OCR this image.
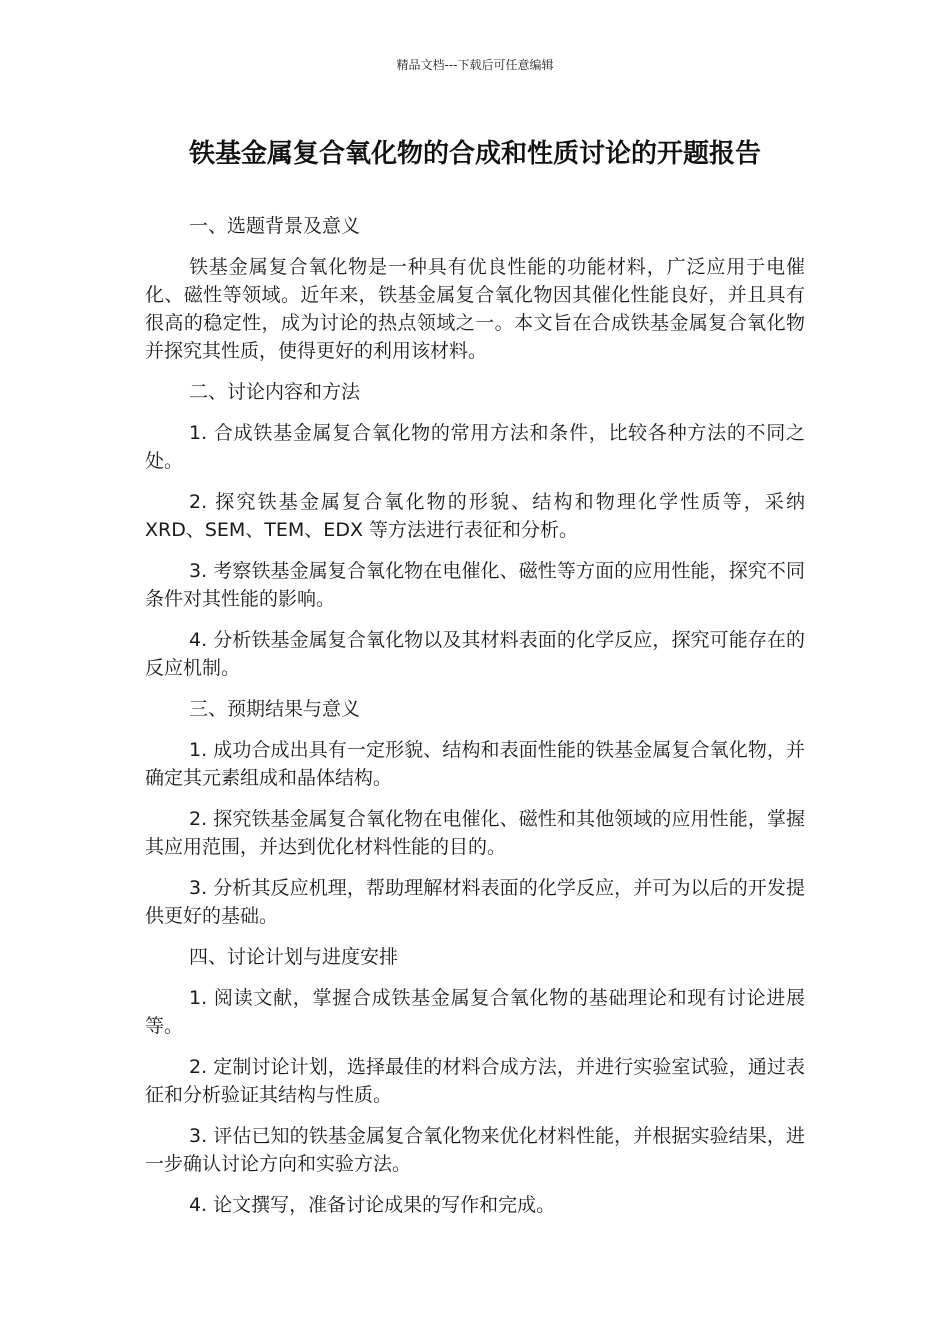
精品文档---下载后可任意编辑
铁基金属复合氧化物的合成和性质讨论的开题报告

一、选题背景及意义

铁基金属复合氧化物是一种具有优良性能的功能材料，广泛应用于电催化、磁性等领域。近年来，铁基金属复合氧化物因其催化性能良好，并且具有很高的稳定性，成为讨论的热点领域之一。本文旨在合成铁基金属复合氧化物并探究其性质，使得更好的利用该材料。

二、讨论内容和方法

1. 合成铁基金属复合氧化物的常用方法和条件，比较各种方法的不同之处。

2. 探究铁基金属复合氧化物的形貌、结构和物理化学性质等，采纳 XRD、SEM、TEM、EDX 等方法进行表征和分析。

3. 考察铁基金属复合氧化物在电催化、磁性等方面的应用性能，探究不同条件对其性能的影响。

4. 分析铁基金属复合氧化物以及其材料表面的化学反应，探究可能存在的反应机制。

三、预期结果与意义

1. 成功合成出具有一定形貌、结构和表面性能的铁基金属复合氧化物，并确定其元素组成和晶体结构。

2. 探究铁基金属复合氧化物在电催化、磁性和其他领域的应用性能，掌握其应用范围，并达到优化材料性能的目的。

3. 分析其反应机理，帮助理解材料表面的化学反应，并可为以后的开发提供更好的基础。

四、讨论计划与进度安排

1. 阅读文献，掌握合成铁基金属复合氧化物的基础理论和现有讨论进展等。

2. 定制讨论计划，选择最佳的材料合成方法，并进行实验室试验，通过表征和分析验证其结构与性质。

3. 评估已知的铁基金属复合氧化物来优化材料性能，并根据实验结果，进一步确认讨论方向和实验方法。

4. 论文撰写，准备讨论成果的写作和完成。
